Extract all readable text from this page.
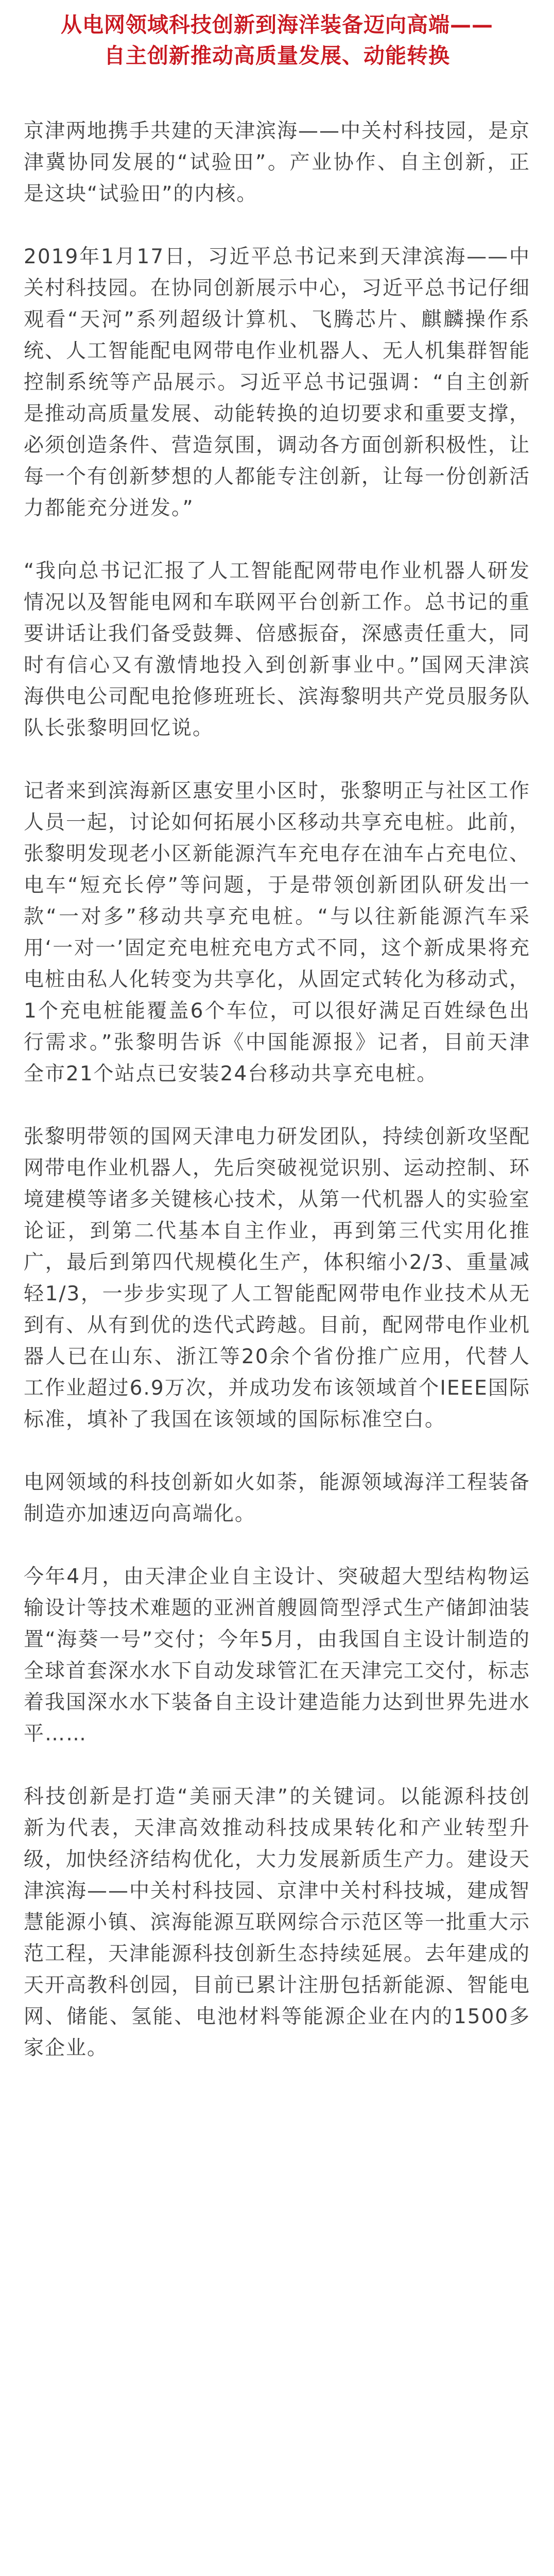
从电网领域科技创新到海洋装备迈向高端——
自主创新推动高质量发展、动能转换

京津两地携手共建的天津滨海——中关村科技园，是京津冀协同发展的“试验田”。产业协作、自主创新，正是这块“试验田”的内核。

2019年1月17日，习近平总书记来到天津滨海——中关村科技园。在协同创新展示中心，习近平总书记仔细观看“天河”系列超级计算机、飞腾芯片、麒麟操作系统、人工智能配电网带电作业机器人、无人机集群智能控制系统等产品展示。习近平总书记强调：“自主创新是推动高质量发展、动能转换的迫切要求和重要支撑，必须创造条件、营造氛围，调动各方面创新积极性，让每一个有创新梦想的人都能专注创新，让每一份创新活力都能充分迸发。”

“我向总书记汇报了人工智能配网带电作业机器人研发情况以及智能电网和车联网平台创新工作。总书记的重要讲话让我们备受鼓舞、倍感振奋，深感责任重大，同时有信心又有激情地投入到创新事业中。”国网天津滨海供电公司配电抢修班班长、滨海黎明共产党员服务队队长张黎明回忆说。

记者来到滨海新区惠安里小区时，张黎明正与社区工作人员一起，讨论如何拓展小区移动共享充电桩。此前，张黎明发现老小区新能源汽车充电存在油车占充电位、电车“短充长停”等问题，于是带领创新团队研发出一款“一对多”移动共享充电桩。“与以往新能源汽车采用‘一对一’固定充电桩充电方式不同，这个新成果将充电桩由私人化转变为共享化，从固定式转化为移动式，1个充电桩能覆盖6个车位，可以很好满足百姓绿色出行需求。”张黎明告诉《中国能源报》记者，目前天津全市21个站点已安装24台移动共享充电桩。

张黎明带领的国网天津电力研发团队，持续创新攻坚配网带电作业机器人，先后突破视觉识别、运动控制、环境建模等诸多关键核心技术，从第一代机器人的实验室论证，到第二代基本自主作业，再到第三代实用化推广，最后到第四代规模化生产，体积缩小2/3、重量减轻1/3，一步步实现了人工智能配网带电作业技术从无到有、从有到优的迭代式跨越。目前，配网带电作业机器人已在山东、浙江等20余个省份推广应用，代替人工作业超过6.9万次，并成功发布该领域首个IEEE国际标准，填补了我国在该领域的国际标准空白。

电网领域的科技创新如火如荼，能源领域海洋工程装备制造亦加速迈向高端化。

今年4月，由天津企业自主设计、突破超大型结构物运输设计等技术难题的亚洲首艘圆筒型浮式生产储卸油装置“海葵一号”交付；今年5月，由我国自主设计制造的全球首套深水水下自动发球管汇在天津完工交付，标志着我国深水水下装备自主设计建造能力达到世界先进水平……

科技创新是打造“美丽天津”的关键词。以能源科技创新为代表，天津高效推动科技成果转化和产业转型升级，加快经济结构优化，大力发展新质生产力。建设天津滨海——中关村科技园、京津中关村科技城，建成智慧能源小镇、滨海能源互联网综合示范区等一批重大示范工程，天津能源科技创新生态持续延展。去年建成的天开高教科创园，目前已累计注册包括新能源、智能电网、储能、氢能、电池材料等能源企业在内的1500多家企业。
